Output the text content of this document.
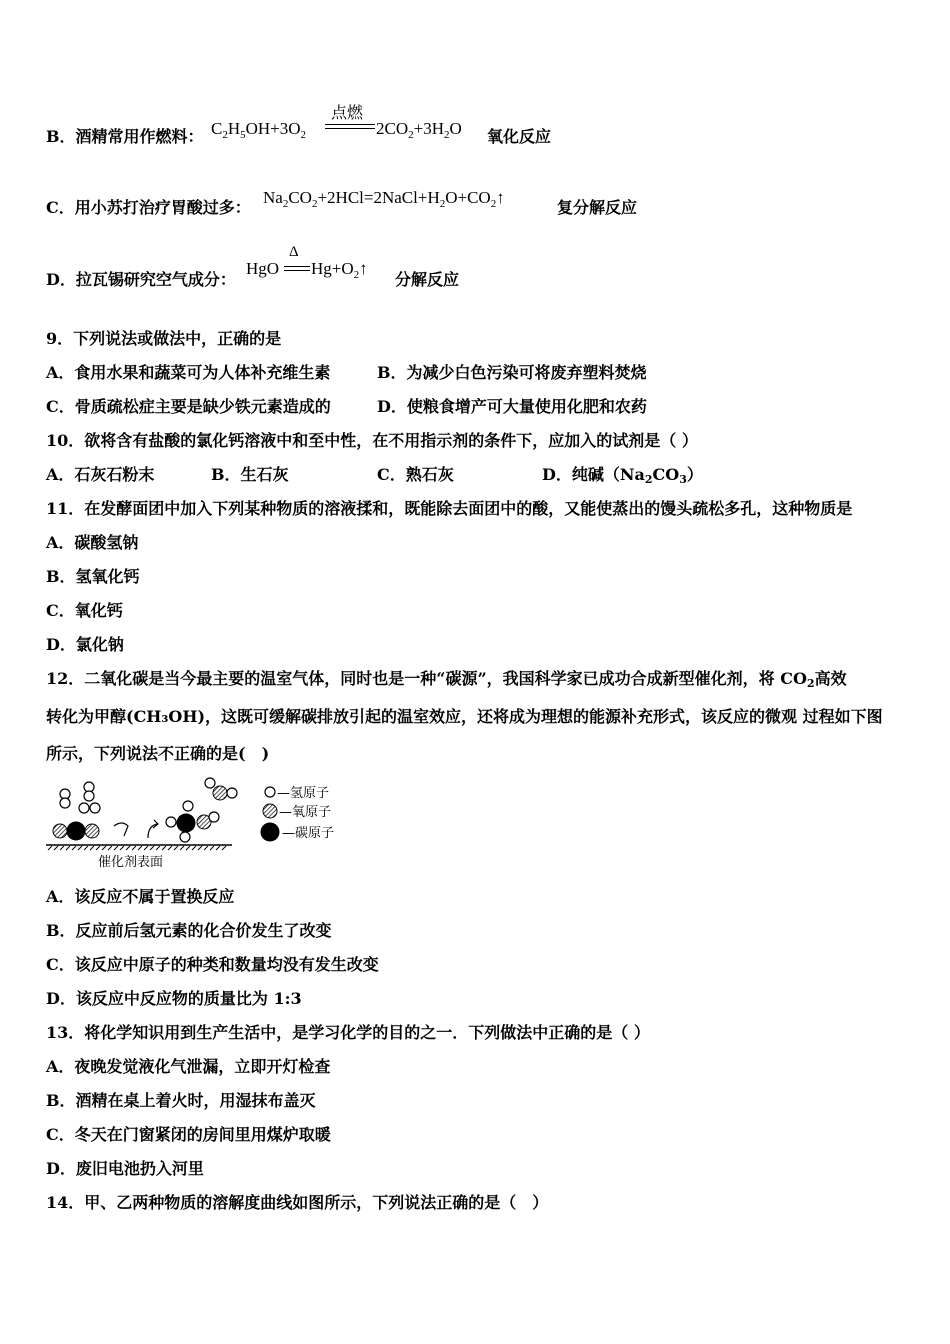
B．酒精常用作燃料： $C_2H_5OH+3O_2$
点燃
$2CO_2+3H_2O$ 氧化反应
C．用小苏打治疗胃酸过多：
$Na_2CO_2+2HCl=2NaCl+H_2O+CO_2↑$
复分解反应
D．拉瓦锡研究空气成分：
HgO
Δ
$Hg+O_2↑$
分解反应
9．下列说法或做法中，正确的是
A．食用水果和蔬菜可为人体补充维生素	B．为减少白色污染可将废弃塑料焚烧
C．骨质疏松症主要是缺少铁元素造成的	D．使粮食增产可大量使用化肥和农药
10．欲将含有盐酸的氯化钙溶液中和至中性，在不用指示剂的条件下，应加入的试剂是（ ）
A．石灰石粉末	B．生石灰	C．熟石灰	D．纯碱（Na2CO3）
11．在发酵面团中加入下列某种物质的溶液揉和，既能除去面团中的酸，又能使蒸出的馒头疏松多孔，这种物质是
A．碳酸氢钠
B．氢氧化钙
C．氧化钙
D．氯化钠
12．二氧化碳是当今最主要的温室气体，同时也是一种“碳源”，我国科学家已成功合成新型催化剂，将 CO2高效
转化为甲醇(CH₃OH)，这既可缓解碳排放引起的温室效应，还将成为理想的能源补充形式，该反应的微观 过程如下图
所示，下列说法不正确的是(　)
催化剂表面
—氢原子
—氧原子
—碳原子
A．该反应不属于置换反应
B．反应前后氢元素的化合价发生了改变
C．该反应中原子的种类和数量均没有发生改变
D．该反应中反应物的质量比为 1:3
13．将化学知识用到生产生活中，是学习化学的目的之一．下列做法中正确的是（ ）
A．夜晚发觉液化气泄漏，立即开灯检查
B．酒精在桌上着火时，用湿抹布盖灭
C．冬天在门窗紧闭的房间里用煤炉取暖
D．废旧电池扔入河里
14．甲、乙两种物质的溶解度曲线如图所示，下列说法正确的是（　）
